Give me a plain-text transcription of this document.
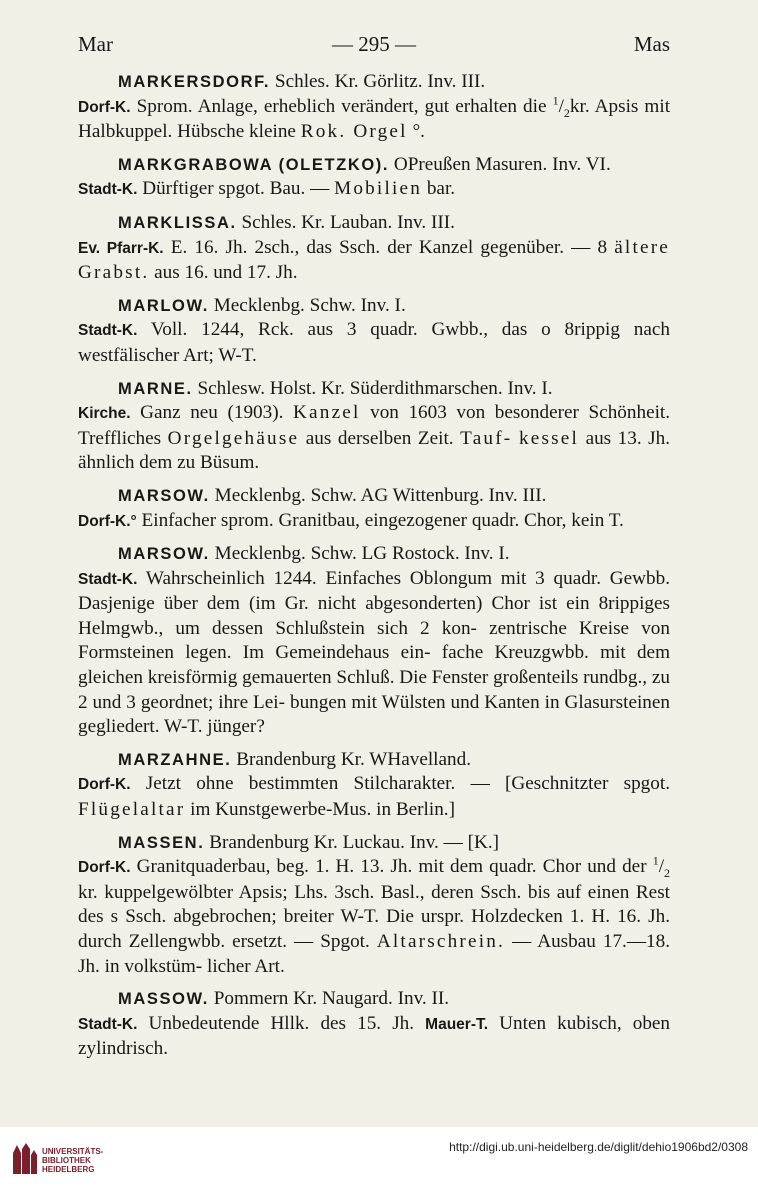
Mar	— 295 —	Mas
MARKERSDORF. Schles. Kr. Görlitz. Inv. III.
Dorf-K. Sprom. Anlage, erheblich verändert, gut erhalten die $^1/_2kr$. Apsis mit Halbkuppel. Hübsche kleine Rok. Orgel °.
MARKGRABOWA (OLETZKO). OPreußen Masuren. Inv. VI.
Stadt-K. Dürftiger spgot. Bau. — Mobilien bar.
MARKLISSA. Schles. Kr. Lauban. Inv. III.
Ev. Pfarr-K. E. 16. Jh. 2sch., das Ssch. der Kanzel gegenüber. — 8 ältere Grabst. aus 16. und 17. Jh.
MARLOW. Mecklenbg. Schw. Inv. I.
Stadt-K. Voll. 1244, Rck. aus 3 quadr. Gwbb., das o 8rippig nach westfälischer Art; W-T.
MARNE. Schlesw. Holst. Kr. Süderdithmarschen. Inv. I.
Kirche. Ganz neu (1903). Kanzel von 1603 von besonderer Schönheit. Treffliches Orgelgehäuse aus derselben Zeit. Tauf- kessel aus 13. Jh. ähnlich dem zu Büsum.
MARSOW. Mecklenbg. Schw. AG Wittenburg. Inv. III.
Dorf-K.° Einfacher sprom. Granitbau, eingezogener quadr. Chor, kein T.
MARSOW. Mecklenbg. Schw. LG Rostock. Inv. I.
Stadt-K. Wahrscheinlich 1244. Einfaches Oblongum mit 3 quadr. Gewbb. Dasjenige über dem (im Gr. nicht abgesonderten) Chor ist ein 8rippiges Helmgwb., um dessen Schlußstein sich 2 kon- zentrische Kreise von Formsteinen legen. Im Gemeindehaus ein- fache Kreuzgwbb. mit dem gleichen kreisförmig gemauerten Schluß. Die Fenster großenteils rundbg., zu 2 und 3 geordnet; ihre Lei- bungen mit Wülsten und Kanten in Glasursteinen gegliedert. W-T. jünger?
MARZAHNE. Brandenburg Kr. WHavelland.
Dorf-K. Jetzt ohne bestimmten Stilcharakter. — [Geschnitzter spgot. Flügelaltar im Kunstgewerbe-Mus. in Berlin.]
MASSEN. Brandenburg Kr. Luckau. Inv. — [K.]
Dorf-K. Granitquaderbau, beg. 1. H. 13. Jh. mit dem quadr. Chor und der $^1/_2$ kr. kuppelgewölbter Apsis; Lhs. 3sch. Basl., deren Ssch. bis auf einen Rest des s Ssch. abgebrochen; breiter W-T. Die urspr. Holzdecken 1. H. 16. Jh. durch Zellengwbb. ersetzt. — Spgot. Altarschrein. — Ausbau 17.—18. Jh. in volkstüm- licher Art.
MASSOW. Pommern Kr. Naugard. Inv. II.
Stadt-K. Unbedeutende Hllk. des 15. Jh. Mauer-T. Unten kubisch, oben zylindrisch.
UNIVERSITÄTS-
BIBLIOTHEK
HEIDELBERG
http://digi.ub.uni-heidelberg.de/diglit/dehio1906bd2/0308
